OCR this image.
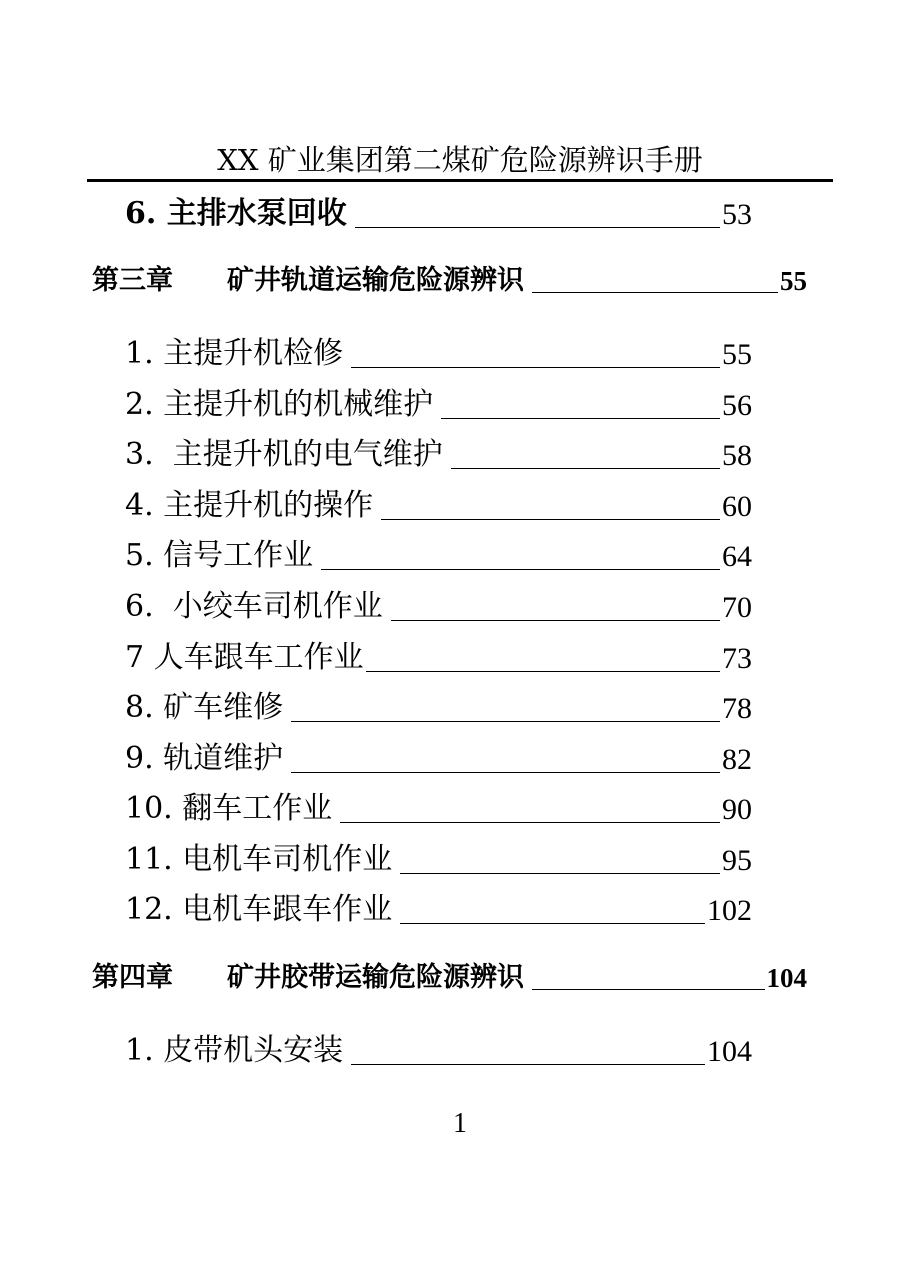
XX 矿业集团第二煤矿危险源辨识手册
6. 主排水泵回收	53
第三章 矿井轨道运输危险源辨识	55
1. 主提升机检修	55
2. 主提升机的机械维护	56
3.  主提升机的电气维护	58
4. 主提升机的操作	60
5. 信号工作业	64
6.  小绞车司机作业	70
7 人车跟车工作业	73
8. 矿车维修	78
9. 轨道维护	82
10. 翻车工作业	90
11. 电机车司机作业	95
12. 电机车跟车作业	102
第四章 矿井胶带运输危险源辨识	104
1. 皮带机头安装	104
1
